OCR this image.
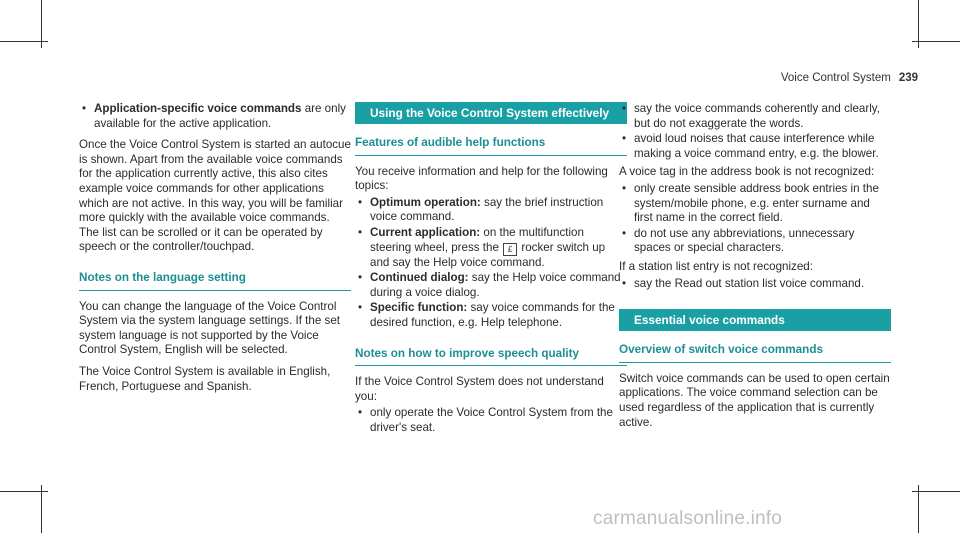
Voice Control System 239
• Application-specific voice commands are only available for the active application.

Once the Voice Control System is started an autocue is shown. Apart from the available voice commands for the application currently active, this also cites example voice commands for other applications which are not active. In this way, you will be familiar more quickly with the available voice commands. The list can be scrolled or it can be operated by speech or the controller/touchpad.

Notes on the language setting

You can change the language of the Voice Control System via the system language settings. If the set system language is not supported by the Voice Control System, English will be selected.

The Voice Control System is available in English, French, Portuguese and Spanish.

Using the Voice Control System effectively
Features of audible help functions

You receive information and help for the following topics:

• Optimum operation: say the brief instruction voice command.
• Current application: on the multifunction steering wheel, press the £ rocker switch up and say the Help voice command.
• Continued dialog: say the Help voice command during a voice dialog.
• Specific function: say voice commands for the desired function, e.g. Help telephone.
Notes on how to improve speech quality

If the Voice Control System does not understand you:

• only operate the Voice Control System from the driver's seat.
• say the voice commands coherently and clearly, but do not exaggerate the words.
• avoid loud noises that cause interference while making a voice command entry, e.g. the blower.

A voice tag in the address book is not recognized:

• only create sensible address book entries in the system/mobile phone, e.g. enter surname and first name in the correct field.
• do not use any abbreviations, unnecessary spaces or special characters.

If a station list entry is not recognized:

• say the Read out station list voice command.
Essential voice commands
Overview of switch voice commands

Switch voice commands can be used to open certain applications. The voice command selection can be used regardless of the application that is currently active.

carmanualsonline.info
